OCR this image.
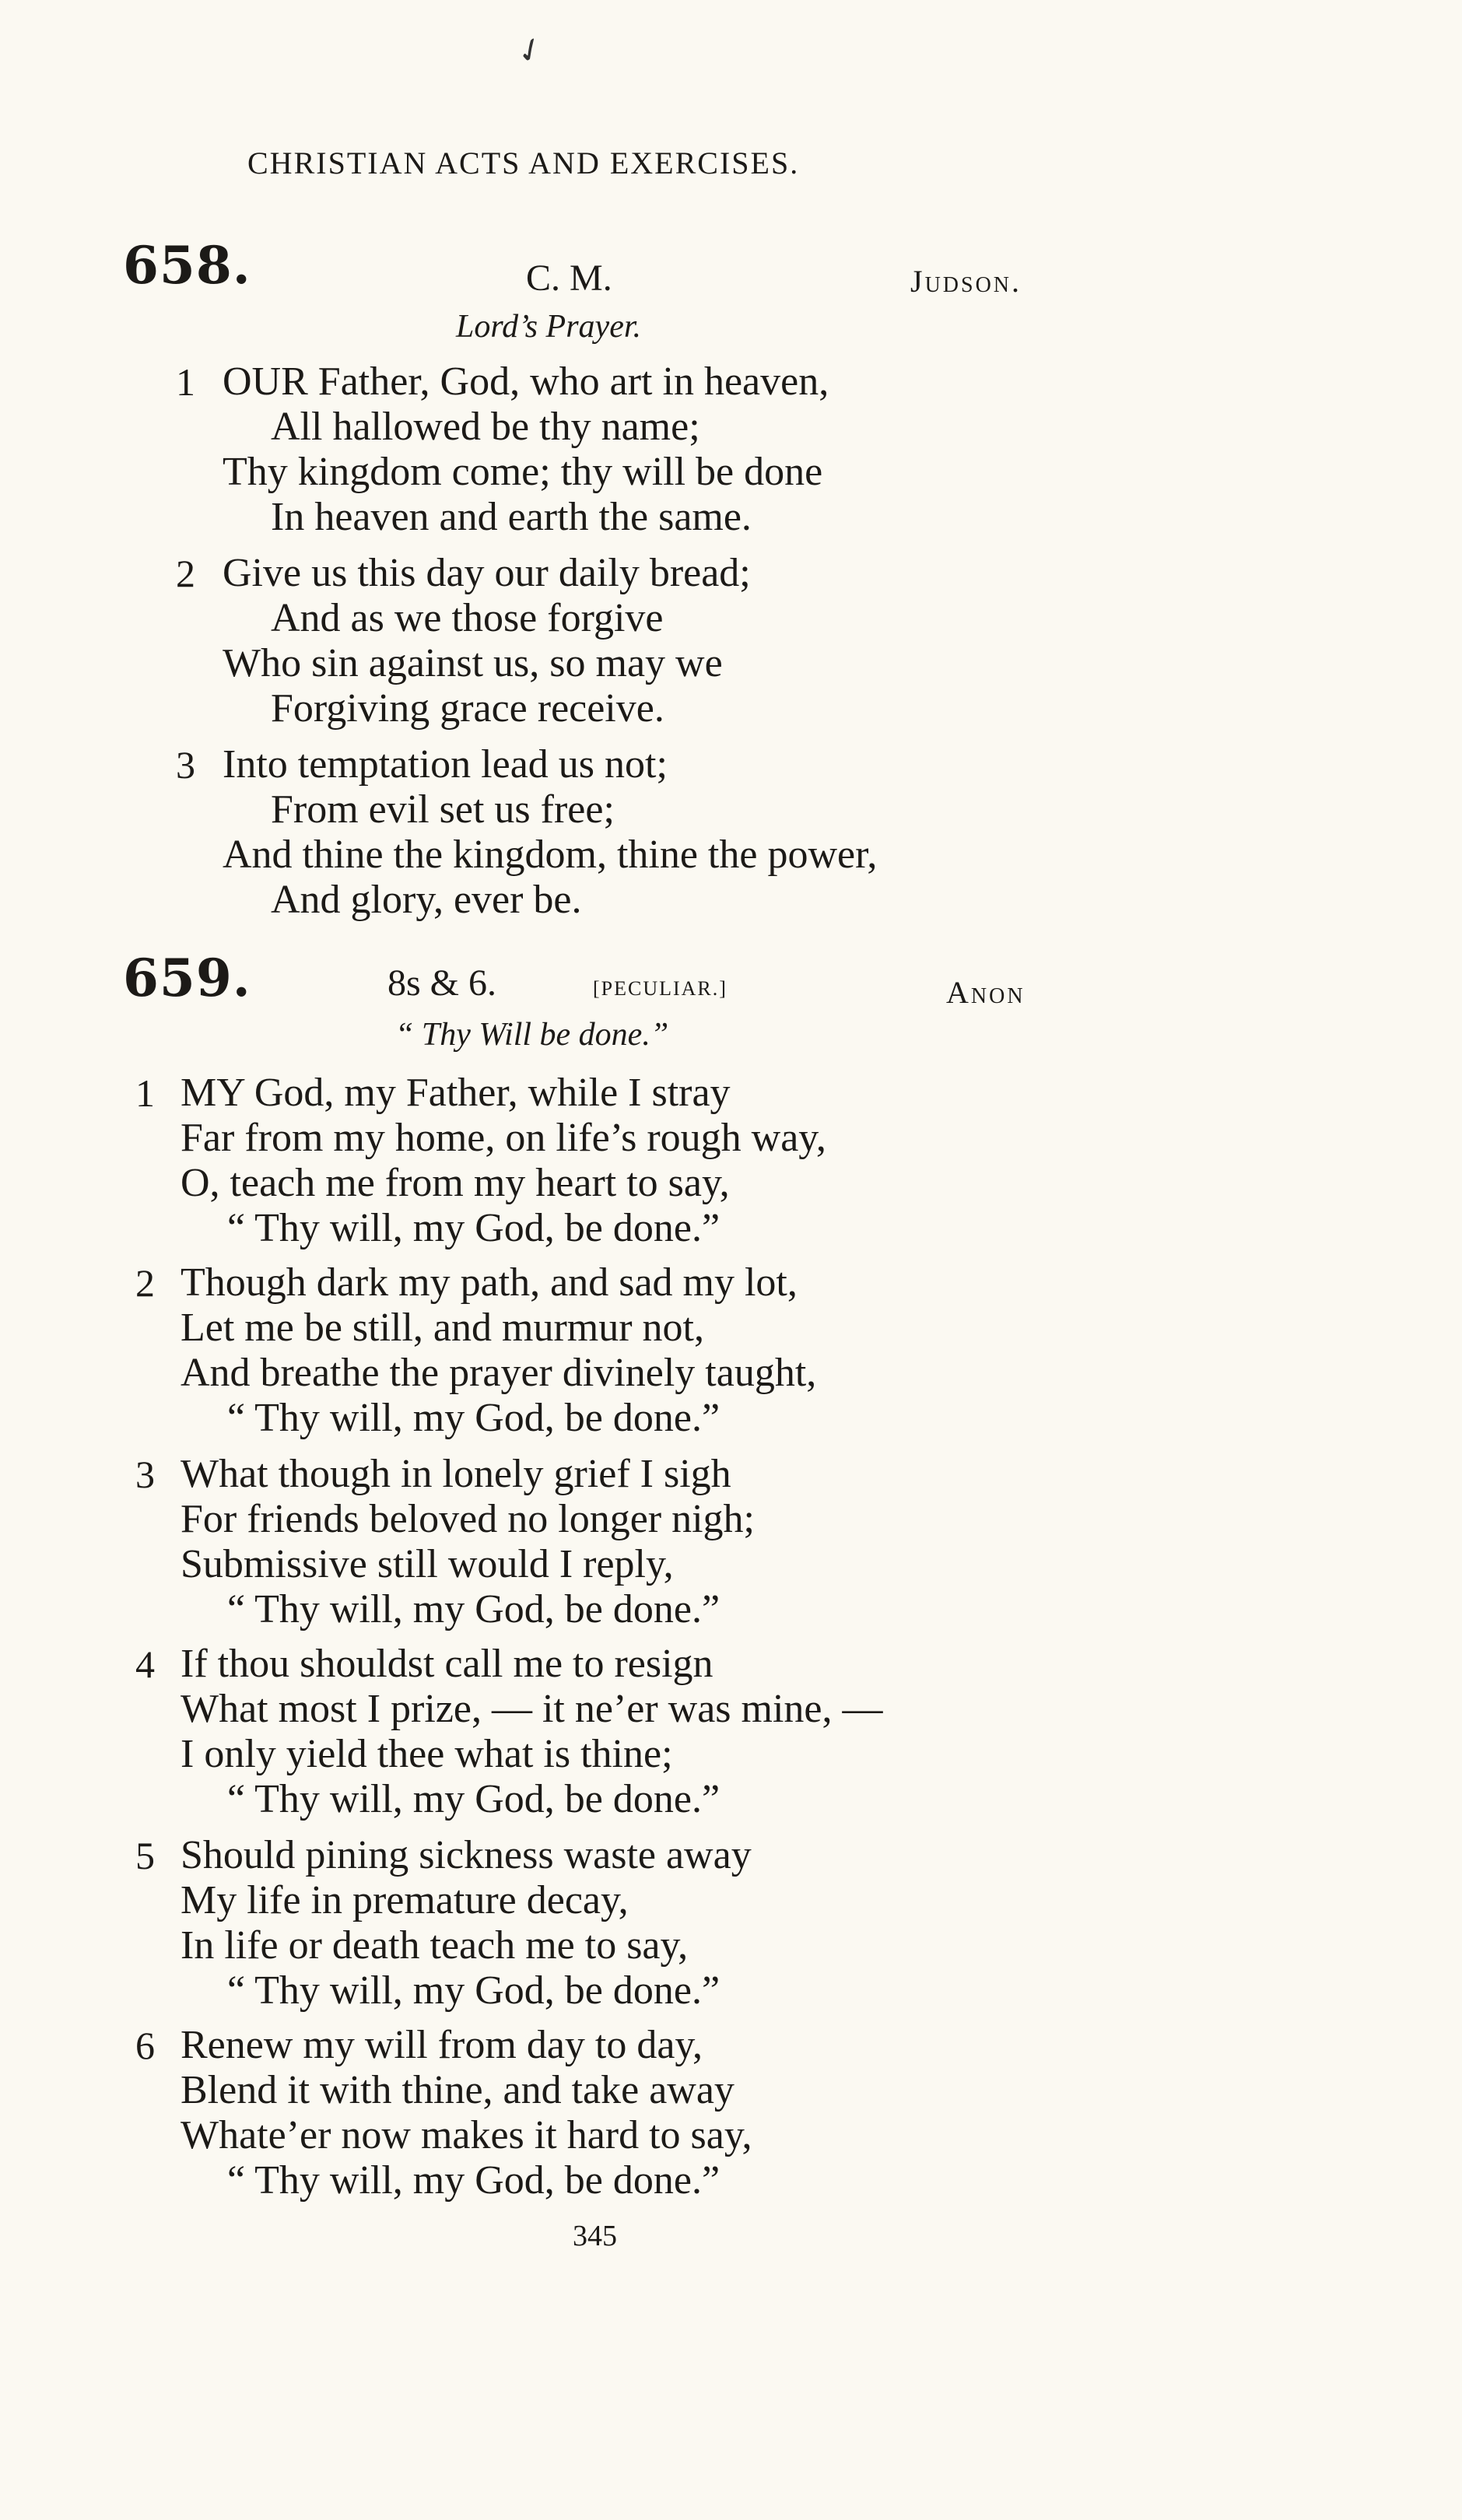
✓
CHRISTIAN ACTS AND EXERCISES.
658.	C. M.	Judson.
Lord’s Prayer.
1 OUR Father, God, who art in heaven,
All hallowed be thy name;
Thy kingdom come; thy will be done
In heaven and earth the same.
2 Give us this day our daily bread;
And as we those forgive
Who sin against us, so may we
Forgiving grace receive.
3 Into temptation lead us not;
From evil set us free;
And thine the kingdom, thine the power,
And glory, ever be.
659.	8s & 6.	[PECULIAR.]	Anon
“ Thy Will be done.”
1 MY God, my Father, while I stray
Far from my home, on life’s rough way,
O, teach me from my heart to say,
“ Thy will, my God, be done.”
2 Though dark my path, and sad my lot,
Let me be still, and murmur not,
And breathe the prayer divinely taught,
“ Thy will, my God, be done.”
3 What though in lonely grief I sigh
For friends beloved no longer nigh;
Submissive still would I reply,
“ Thy will, my God, be done.”
4 If thou shouldst call me to resign
What most I prize, — it ne’er was mine, —
I only yield thee what is thine;
“ Thy will, my God, be done.”
5 Should pining sickness waste away
My life in premature decay,
In life or death teach me to say,
“ Thy will, my God, be done.”
6 Renew my will from day to day,
Blend it with thine, and take away
Whate’er now makes it hard to say,
“ Thy will, my God, be done.”
345
